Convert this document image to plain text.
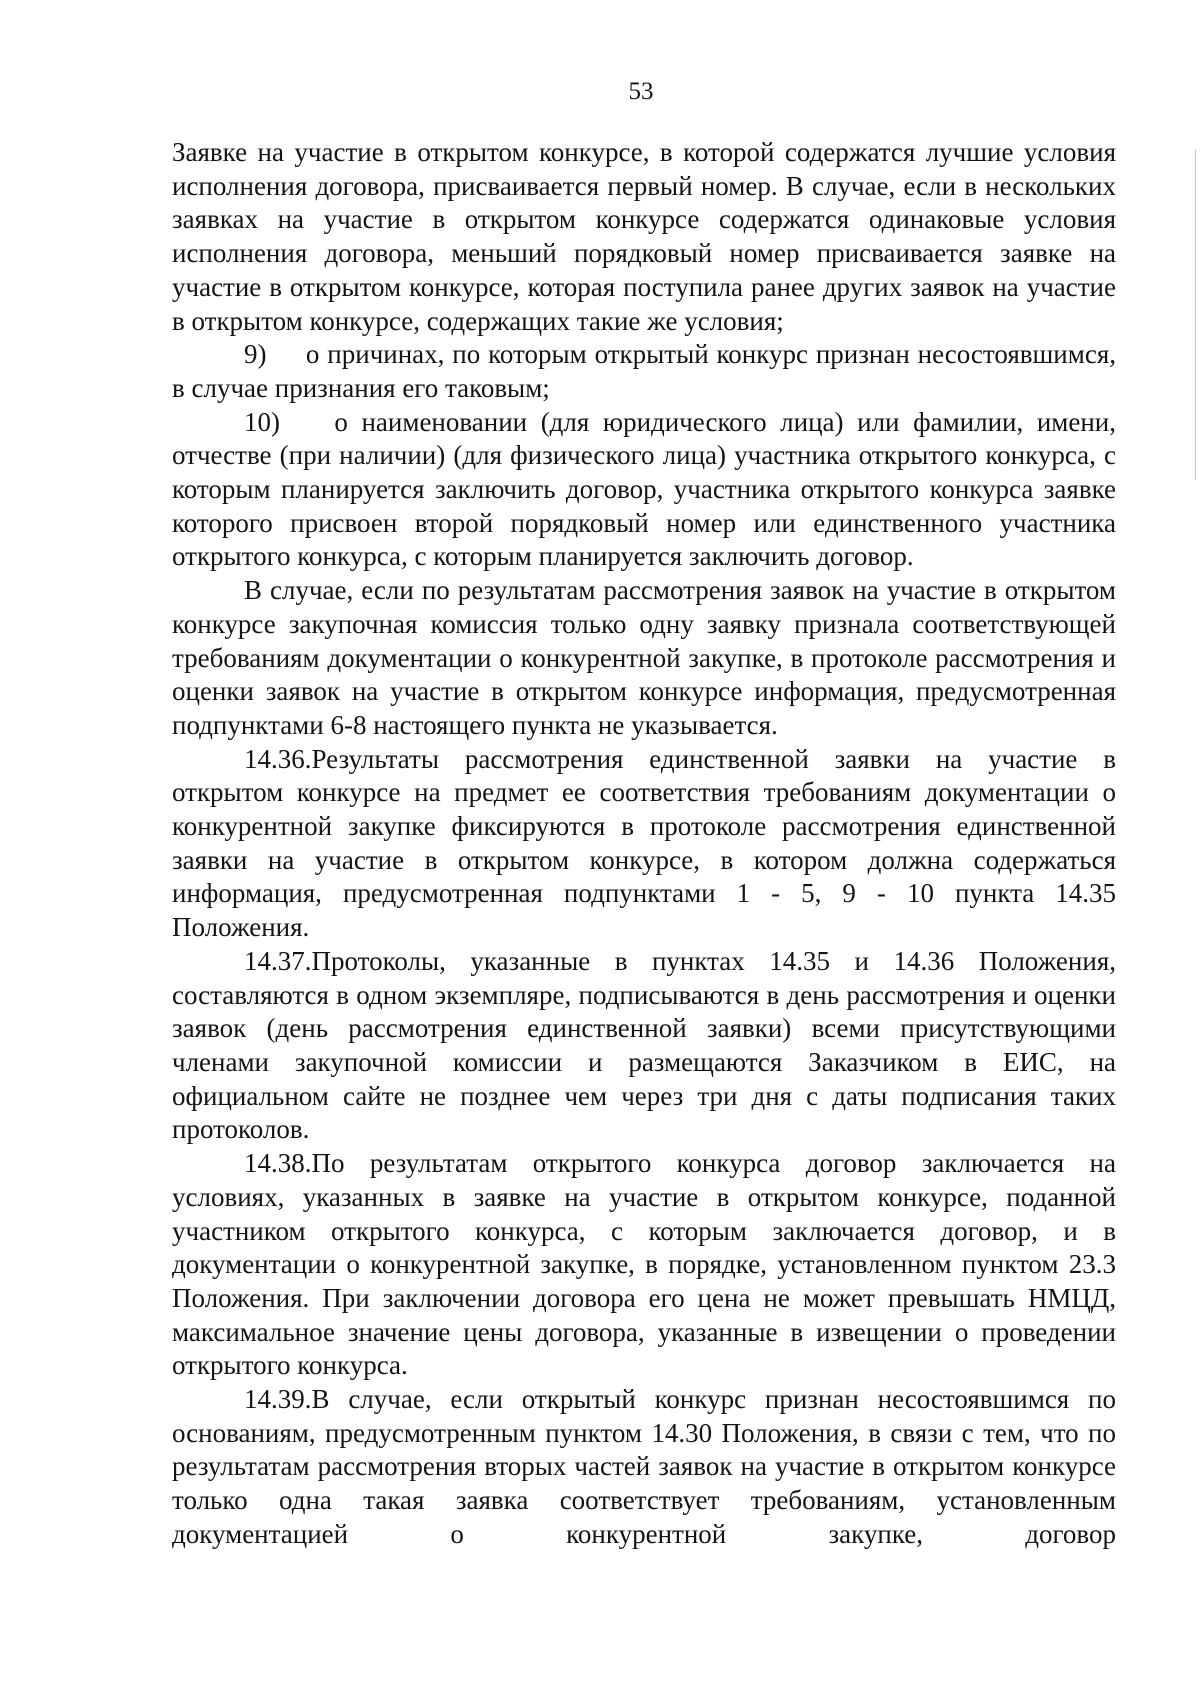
53

Заявке на участие в открытом конкурсе, в которой содержатся лучшие условия исполнения договора, присваивается первый номер. В случае, если в нескольких заявках на участие в открытом конкурсе содержатся одинаковые условия исполнения договора, меньший порядковый номер присваивается заявке на участие в открытом конкурсе, которая поступила ранее других заявок на участие в открытом конкурсе, содержащих такие же условия;

9)     о причинах, по которым открытый конкурс признан несостоявшимся, в случае признания его таковым;

10)    о наименовании (для юридического лица) или фамилии, имени, отчестве (при наличии) (для физического лица) участника открытого конкурса, с которым планируется заключить договор, участника открытого конкурса заявке которого присвоен второй порядковый номер или единственного участника открытого конкурса, с которым планируется заключить договор.

В случае, если по результатам рассмотрения заявок на участие в открытом конкурсе закупочная комиссия только одну заявку признала соответствующей требованиям документации о конкурентной закупке, в протоколе рассмотрения и оценки заявок на участие в открытом конкурсе информация, предусмотренная подпунктами 6-8 настоящего пункта не указывается.

14.36.Результаты рассмотрения единственной заявки на участие в открытом конкурсе на предмет ее соответствия требованиям документации о конкурентной закупке фиксируются в протоколе рассмотрения единственной заявки на участие в открытом конкурсе, в котором должна содержаться информация, предусмотренная подпунктами 1 - 5, 9 - 10 пункта 14.35 Положения.

14.37.Протоколы, указанные в пунктах 14.35 и 14.36 Положения, составляются в одном экземпляре, подписываются в день рассмотрения и оценки заявок (день рассмотрения единственной заявки) всеми присутствующими членами закупочной комиссии и размещаются Заказчиком в ЕИС, на официальном сайте не позднее чем через три дня с даты подписания таких протоколов.

14.38.По результатам открытого конкурса договор заключается на условиях, указанных в заявке на участие в открытом конкурсе, поданной участником открытого конкурса, с которым заключается договор, и в документации о конкурентной закупке, в порядке, установленном пунктом 23.3 Положения. При заключении договора его цена не может превышать НМЦД, максимальное значение цены договора, указанные в извещении о проведении открытого конкурса.

14.39.В случае, если открытый конкурс признан несостоявшимся по основаниям, предусмотренным пунктом 14.30 Положения, в связи с тем, что по результатам рассмотрения вторых частей заявок на участие в открытом конкурсе только одна такая заявка соответствует требованиям, установленным документацией о конкурентной закупке, договор
